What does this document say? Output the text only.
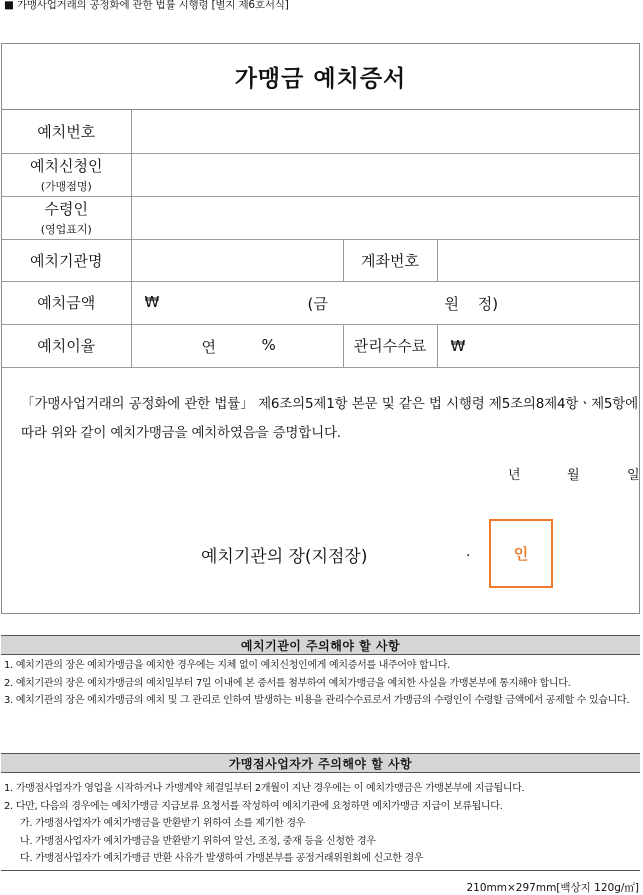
■ 가맹사업거래의 공정화에 관한 법률 시행령 [별지 제6호서식]
가맹금 예치증서
예치번호			
예치신청인
(가맹점명)			

수령인
(영업표지)			

예치기관명		계좌번호	
예치금액	₩ (금 원 정)		

예치이율	연 %	관리수수료	₩
「가맹사업거래의 공정화에 관한 법률」 제6조의5제1항 본문 및 같은 법 시행령 제5조의8제4항ㆍ제5항에 따라 위와 같이 예치가맹금을 예치하였음을 증명합니다.
년	월	일
예치기관의 장(지점장)	.	인
예치기관이 주의해야 할 사항
1. 예치기관의 장은 예치가맹금을 예치한 경우에는 지체 없이 예치신청인에게 예치증서를 내주어야 합니다.
2. 예치기관의 장은 예치가맹금의 예치일부터 7일 이내에 본 증서를 첨부하여 예치가맹금을 예치한 사실을 가맹본부에 통지해야 합니다.
3. 예치기관의 장은 예치가맹금의 예치 및 그 관리로 인하여 발생하는 비용을 관리수수료로서 가맹금의 수령인이 수령할 금액에서 공제할 수 있습니다.
가맹점사업자가 주의해야 할 사항
1. 가맹점사업자가 영업을 시작하거나 가맹계약 체결일부터 2개월이 지난 경우에는 이 예치가맹금은 가맹본부에 지급됩니다.
2. 다만, 다음의 경우에는 예치가맹금 지급보류 요청서를 작성하여 예치기관에 요청하면 예치가맹금 지급이 보류됩니다.
가. 가맹점사업자가 예치가맹금을 반환받기 위하여 소를 제기한 경우
나. 가맹점사업자가 예치가맹금을 반환받기 위하여 알선, 조정, 중재 등을 신청한 경우
다. 가맹점사업자가 예치가맹금 반환 사유가 발생하여 가맹본부를 공정거래위원회에 신고한 경우
210mm×297mm[백상지 120g/㎡]
